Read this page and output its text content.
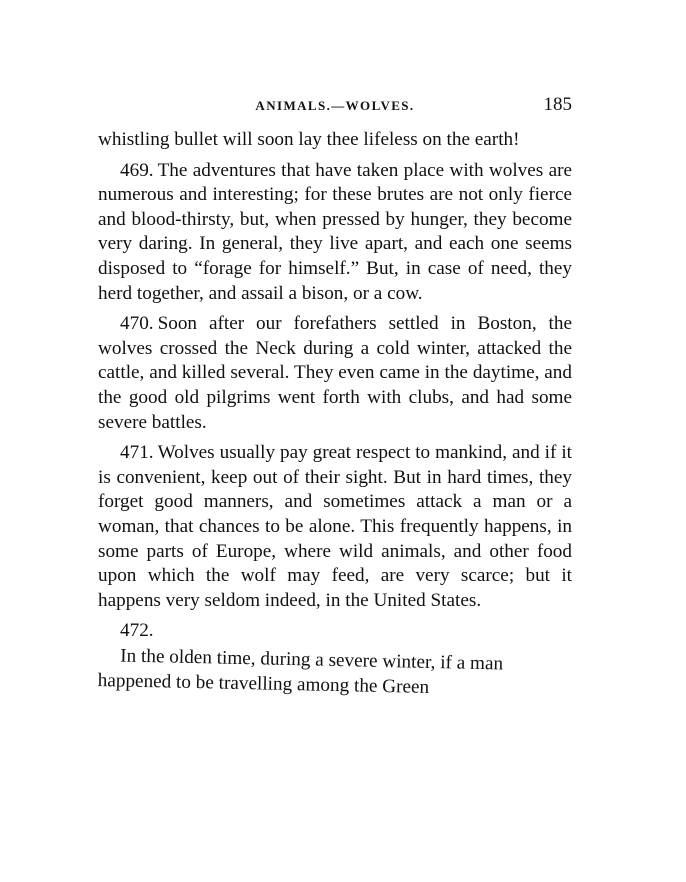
ANIMALS.—WOLVES.	185

whistling bullet will soon lay thee lifeless on the earth!

469. The adventures that have taken place with wolves are numerous and interesting; for these brutes are not only fierce and blood-thirsty, but, when pressed by hunger, they become very daring. In general, they live apart, and each one seems disposed to “forage for himself.” But, in case of need, they herd together, and assail a bison, or a cow.

470. Soon after our forefathers settled in Boston, the wolves crossed the Neck during a cold winter, attacked the cattle, and killed several. They even came in the daytime, and the good old pilgrims went forth with clubs, and had some severe battles.

471. Wolves usually pay great respect to mankind, and if it is convenient, keep out of their sight. But in hard times, they forget good manners, and sometimes attack a man or a woman, that chances to be alone. This frequently happens, in some parts of Europe, where wild animals, and other food upon which the wolf may feed, are very scarce; but it happens very seldom indeed, in the United States.

472.In the olden time, during a severe winter, if a man happened to be travelling among the Green
